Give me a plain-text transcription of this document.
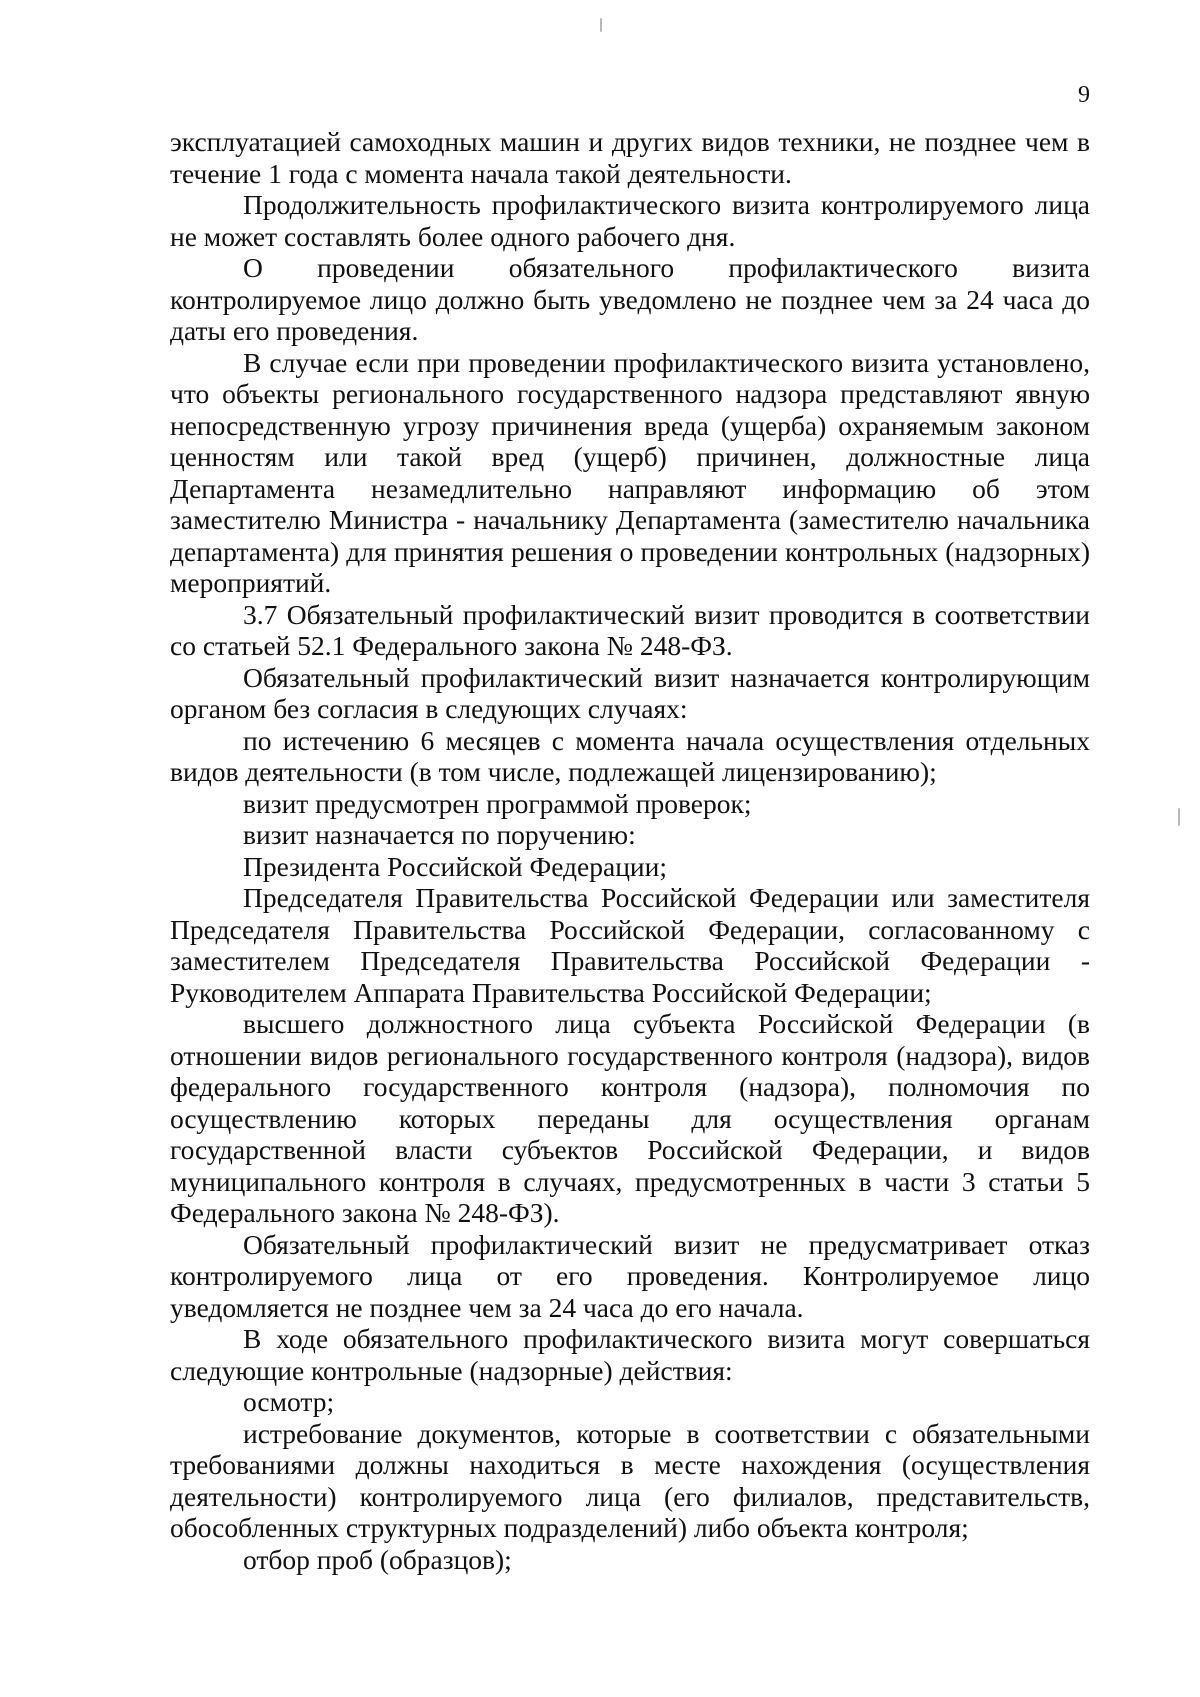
9

эксплуатацией самоходных машин и других видов техники, не позднее чем в течение 1 года с момента начала такой деятельности.

Продолжительность профилактического визита контролируемого лица не может составлять более одного рабочего дня.

О проведении обязательного профилактического визита контролируемое лицо должно быть уведомлено не позднее чем за 24 часа до даты его проведения.

В случае если при проведении профилактического визита установлено, что объекты регионального государственного надзора представляют явную непосредственную угрозу причинения вреда (ущерба) охраняемым законом ценностям или такой вред (ущерб) причинен, должностные лица Департамента незамедлительно направляют информацию об этом заместителю Министра - начальнику Департамента (заместителю начальника департамента) для принятия решения о проведении контрольных (надзорных) мероприятий.

3.7 Обязательный профилактический визит проводится в соответствии со статьей 52.1 Федерального закона № 248-ФЗ.

Обязательный профилактический визит назначается контролирующим органом без согласия в следующих случаях:

по истечению 6 месяцев с момента начала осуществления отдельных видов деятельности (в том числе, подлежащей лицензированию);

визит предусмотрен программой проверок;

визит назначается по поручению:

Президента Российской Федерации;

Председателя Правительства Российской Федерации или заместителя Председателя Правительства Российской Федерации, согласованному с заместителем Председателя Правительства Российской Федерации - Руководителем Аппарата Правительства Российской Федерации;

высшего должностного лица субъекта Российской Федерации (в отношении видов регионального государственного контроля (надзора), видов федерального государственного контроля (надзора), полномочия по осуществлению которых переданы для осуществления органам государственной власти субъектов Российской Федерации, и видов муниципального контроля в случаях, предусмотренных в части 3 статьи 5 Федерального закона № 248-ФЗ).

Обязательный профилактический визит не предусматривает отказ контролируемого лица от его проведения. Контролируемое лицо уведомляется не позднее чем за 24 часа до его начала.

В ходе обязательного профилактического визита могут совершаться следующие контрольные (надзорные) действия:

осмотр;

истребование документов, которые в соответствии с обязательными требованиями должны находиться в месте нахождения (осуществления деятельности) контролируемого лица (его филиалов, представительств, обособленных структурных подразделений) либо объекта контроля;

отбор проб (образцов);
